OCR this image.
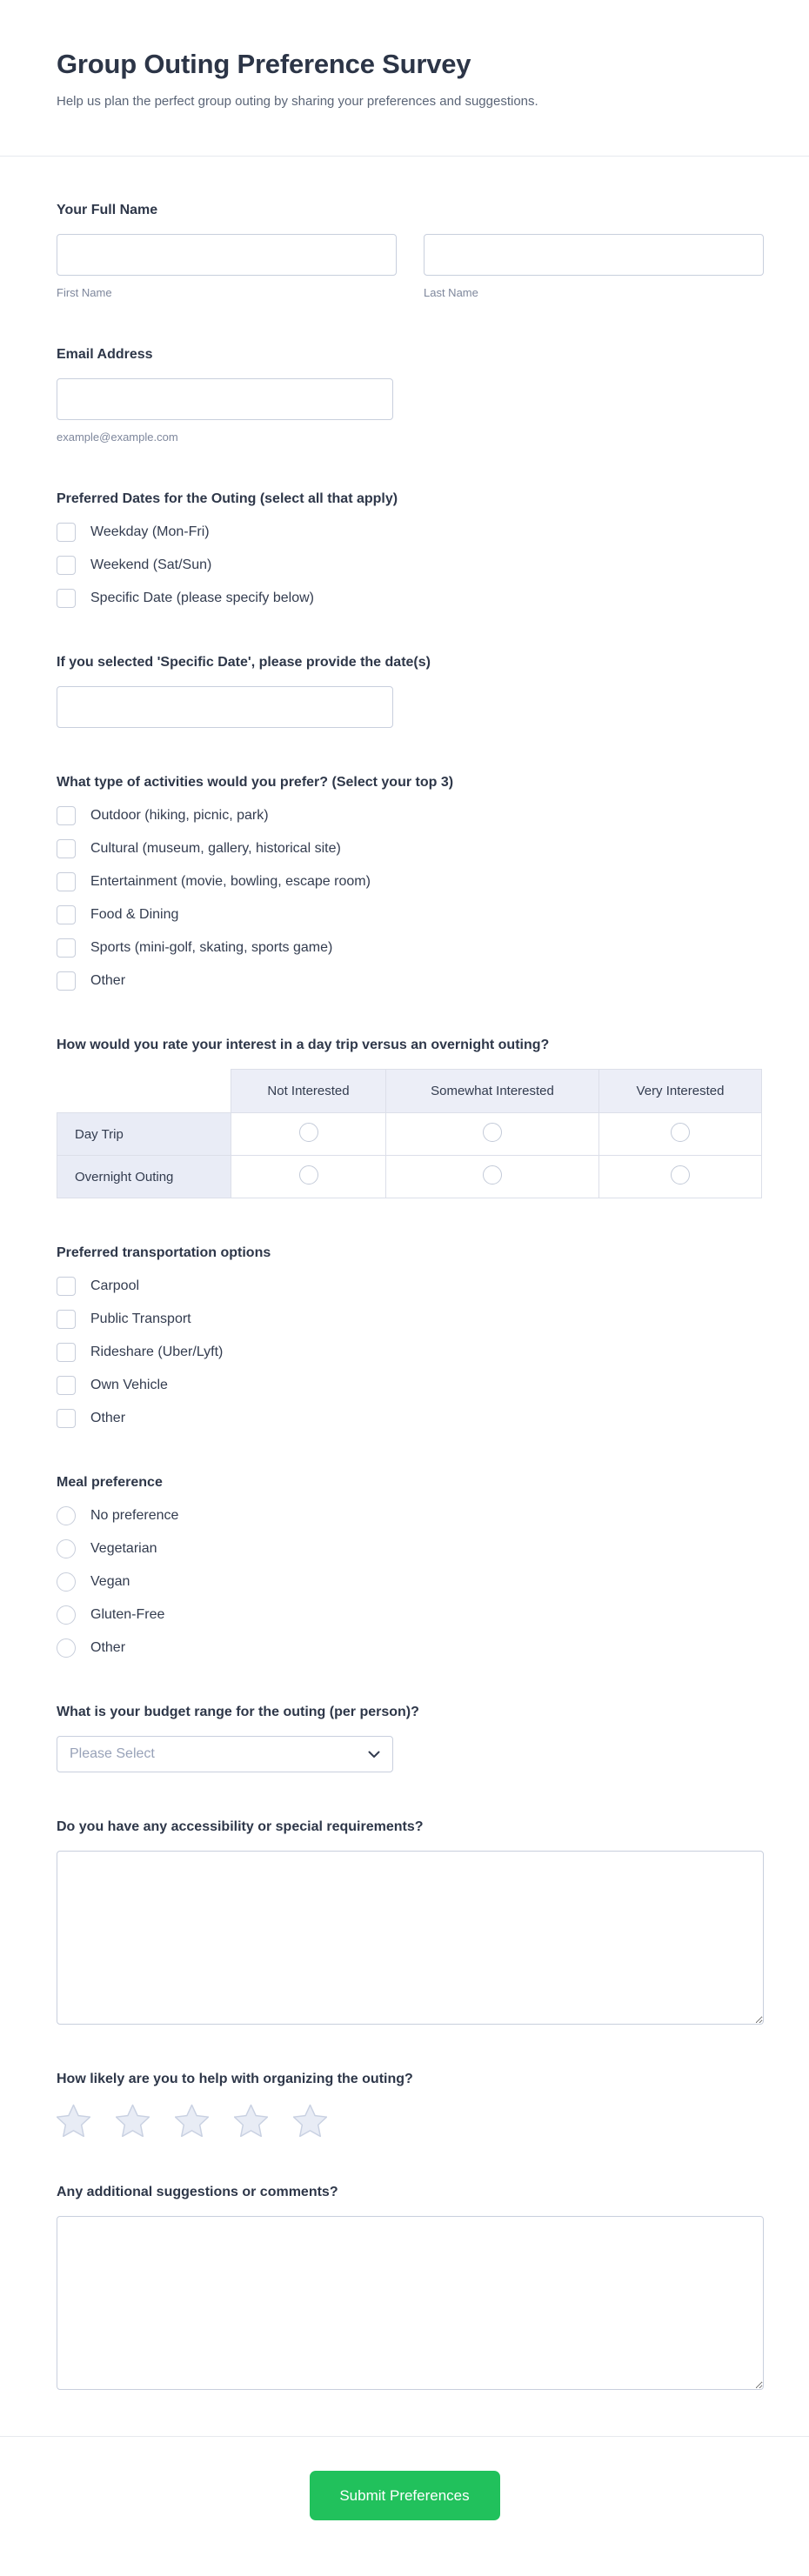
Group Outing Preference Survey
Help us plan the perfect group outing by sharing your preferences and suggestions.
Your Full Name
First Name	Last Name
Email Address
example@example.com
Preferred Dates for the Outing (select all that apply)
Weekday (Mon-Fri)
Weekend (Sat/Sun)
Specific Date (please specify below)
If you selected 'Specific Date', please provide the date(s)
What type of activities would you prefer? (Select your top 3)
Outdoor (hiking, picnic, park)
Cultural (museum, gallery, historical site)
Entertainment (movie, bowling, escape room)
Food & Dining
Sports (mini-golf, skating, sports game)
Other
How would you rate your interest in a day trip versus an overnight outing?
	Not Interested	Somewhat Interested	Very Interested
Day Trip			
Overnight Outing			
Preferred transportation options
Carpool
Public Transport
Rideshare (Uber/Lyft)
Own Vehicle
Other
Meal preference
No preference
Vegetarian
Vegan
Gluten-Free
Other
What is your budget range for the outing (per person)?
Please Select
Do you have any accessibility or special requirements?
How likely are you to help with organizing the outing?
Any additional suggestions or comments?
Submit Preferences
